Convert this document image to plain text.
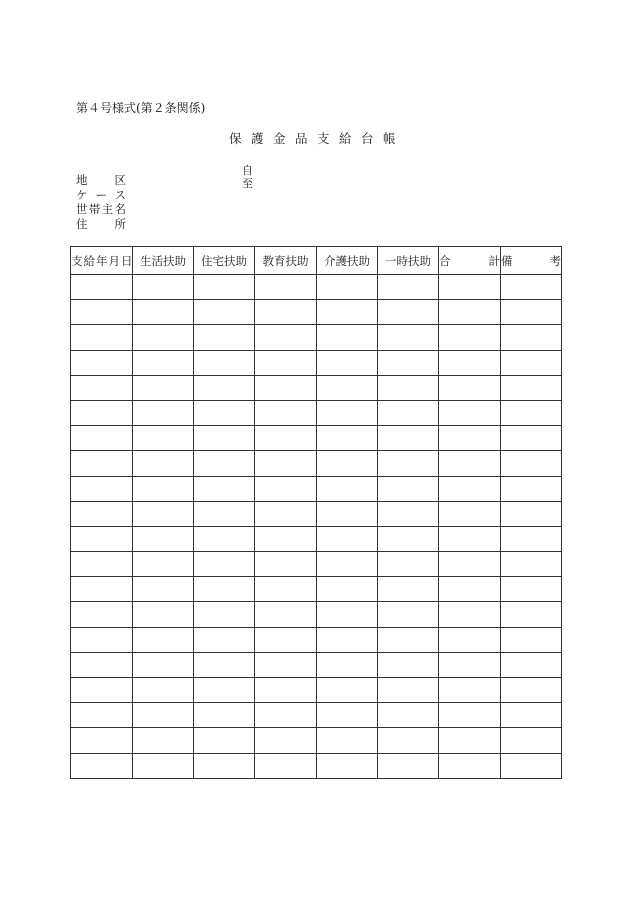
第４号様式(第２条関係)
保護金品支給台帳
自
至
地区
ケース
世帯主名
住所
支給年月日	生活扶助	住宅扶助	教育扶助	介護扶助	一時扶助	合計	備考
